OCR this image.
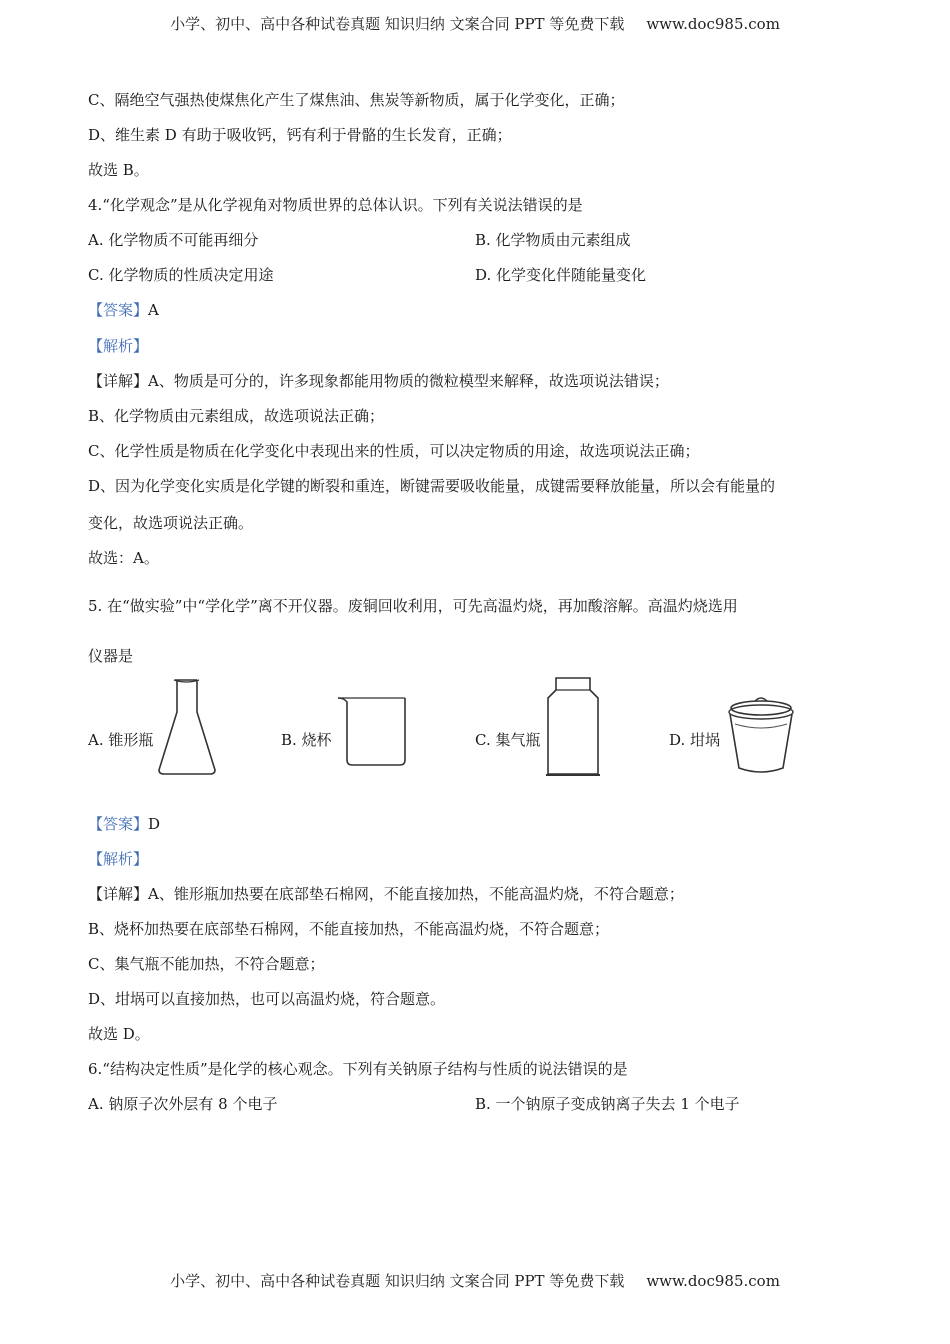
小学、初中、高中各种试卷真题 知识归纳 文案合同 PPT 等免费下载 www.doc985.com
C、隔绝空气强热使煤焦化产生了煤焦油、焦炭等新物质，属于化学变化，正确；
D、维生素 D 有助于吸收钙，钙有利于骨骼的生长发育，正确；
故选 B。
4.“化学观念”是从化学视角对物质世界的总体认识。下列有关说法错误的是
A. 化学物质不可能再细分	B. 化学物质由元素组成
C. 化学物质的性质决定用途	D. 化学变化伴随能量变化
【答案】A
【解析】
【详解】A、物质是可分的，许多现象都能用物质的微粒模型来解释，故选项说法错误；
B、化学物质由元素组成，故选项说法正确；
C、化学性质是物质在化学变化中表现出来的性质，可以决定物质的用途，故选项说法正确；
D、因为化学变化实质是化学键的断裂和重连，断键需要吸收能量，成键需要释放能量，所以会有能量的
变化，故选项说法正确。
故选：A。
5. 在“做实验”中“学化学”离不开仪器。废铜回收利用，可先高温灼烧，再加酸溶解。高温灼烧选用
仪器是
A. 锥形瓶	B. 烧杯	C. 集气瓶	D. 坩埚
【答案】D
【解析】
【详解】A、锥形瓶加热要在底部垫石棉网，不能直接加热，不能高温灼烧，不符合题意；
B、烧杯加热要在底部垫石棉网，不能直接加热，不能高温灼烧，不符合题意；
C、集气瓶不能加热，不符合题意；
D、坩埚可以直接加热，也可以高温灼烧，符合题意。
故选 D。
6.“结构决定性质”是化学的核心观念。下列有关钠原子结构与性质的说法错误的是
A. 钠原子次外层有 8 个电子	B. 一个钠原子变成钠离子失去 1 个电子
小学、初中、高中各种试卷真题 知识归纳 文案合同 PPT 等免费下载 www.doc985.com
